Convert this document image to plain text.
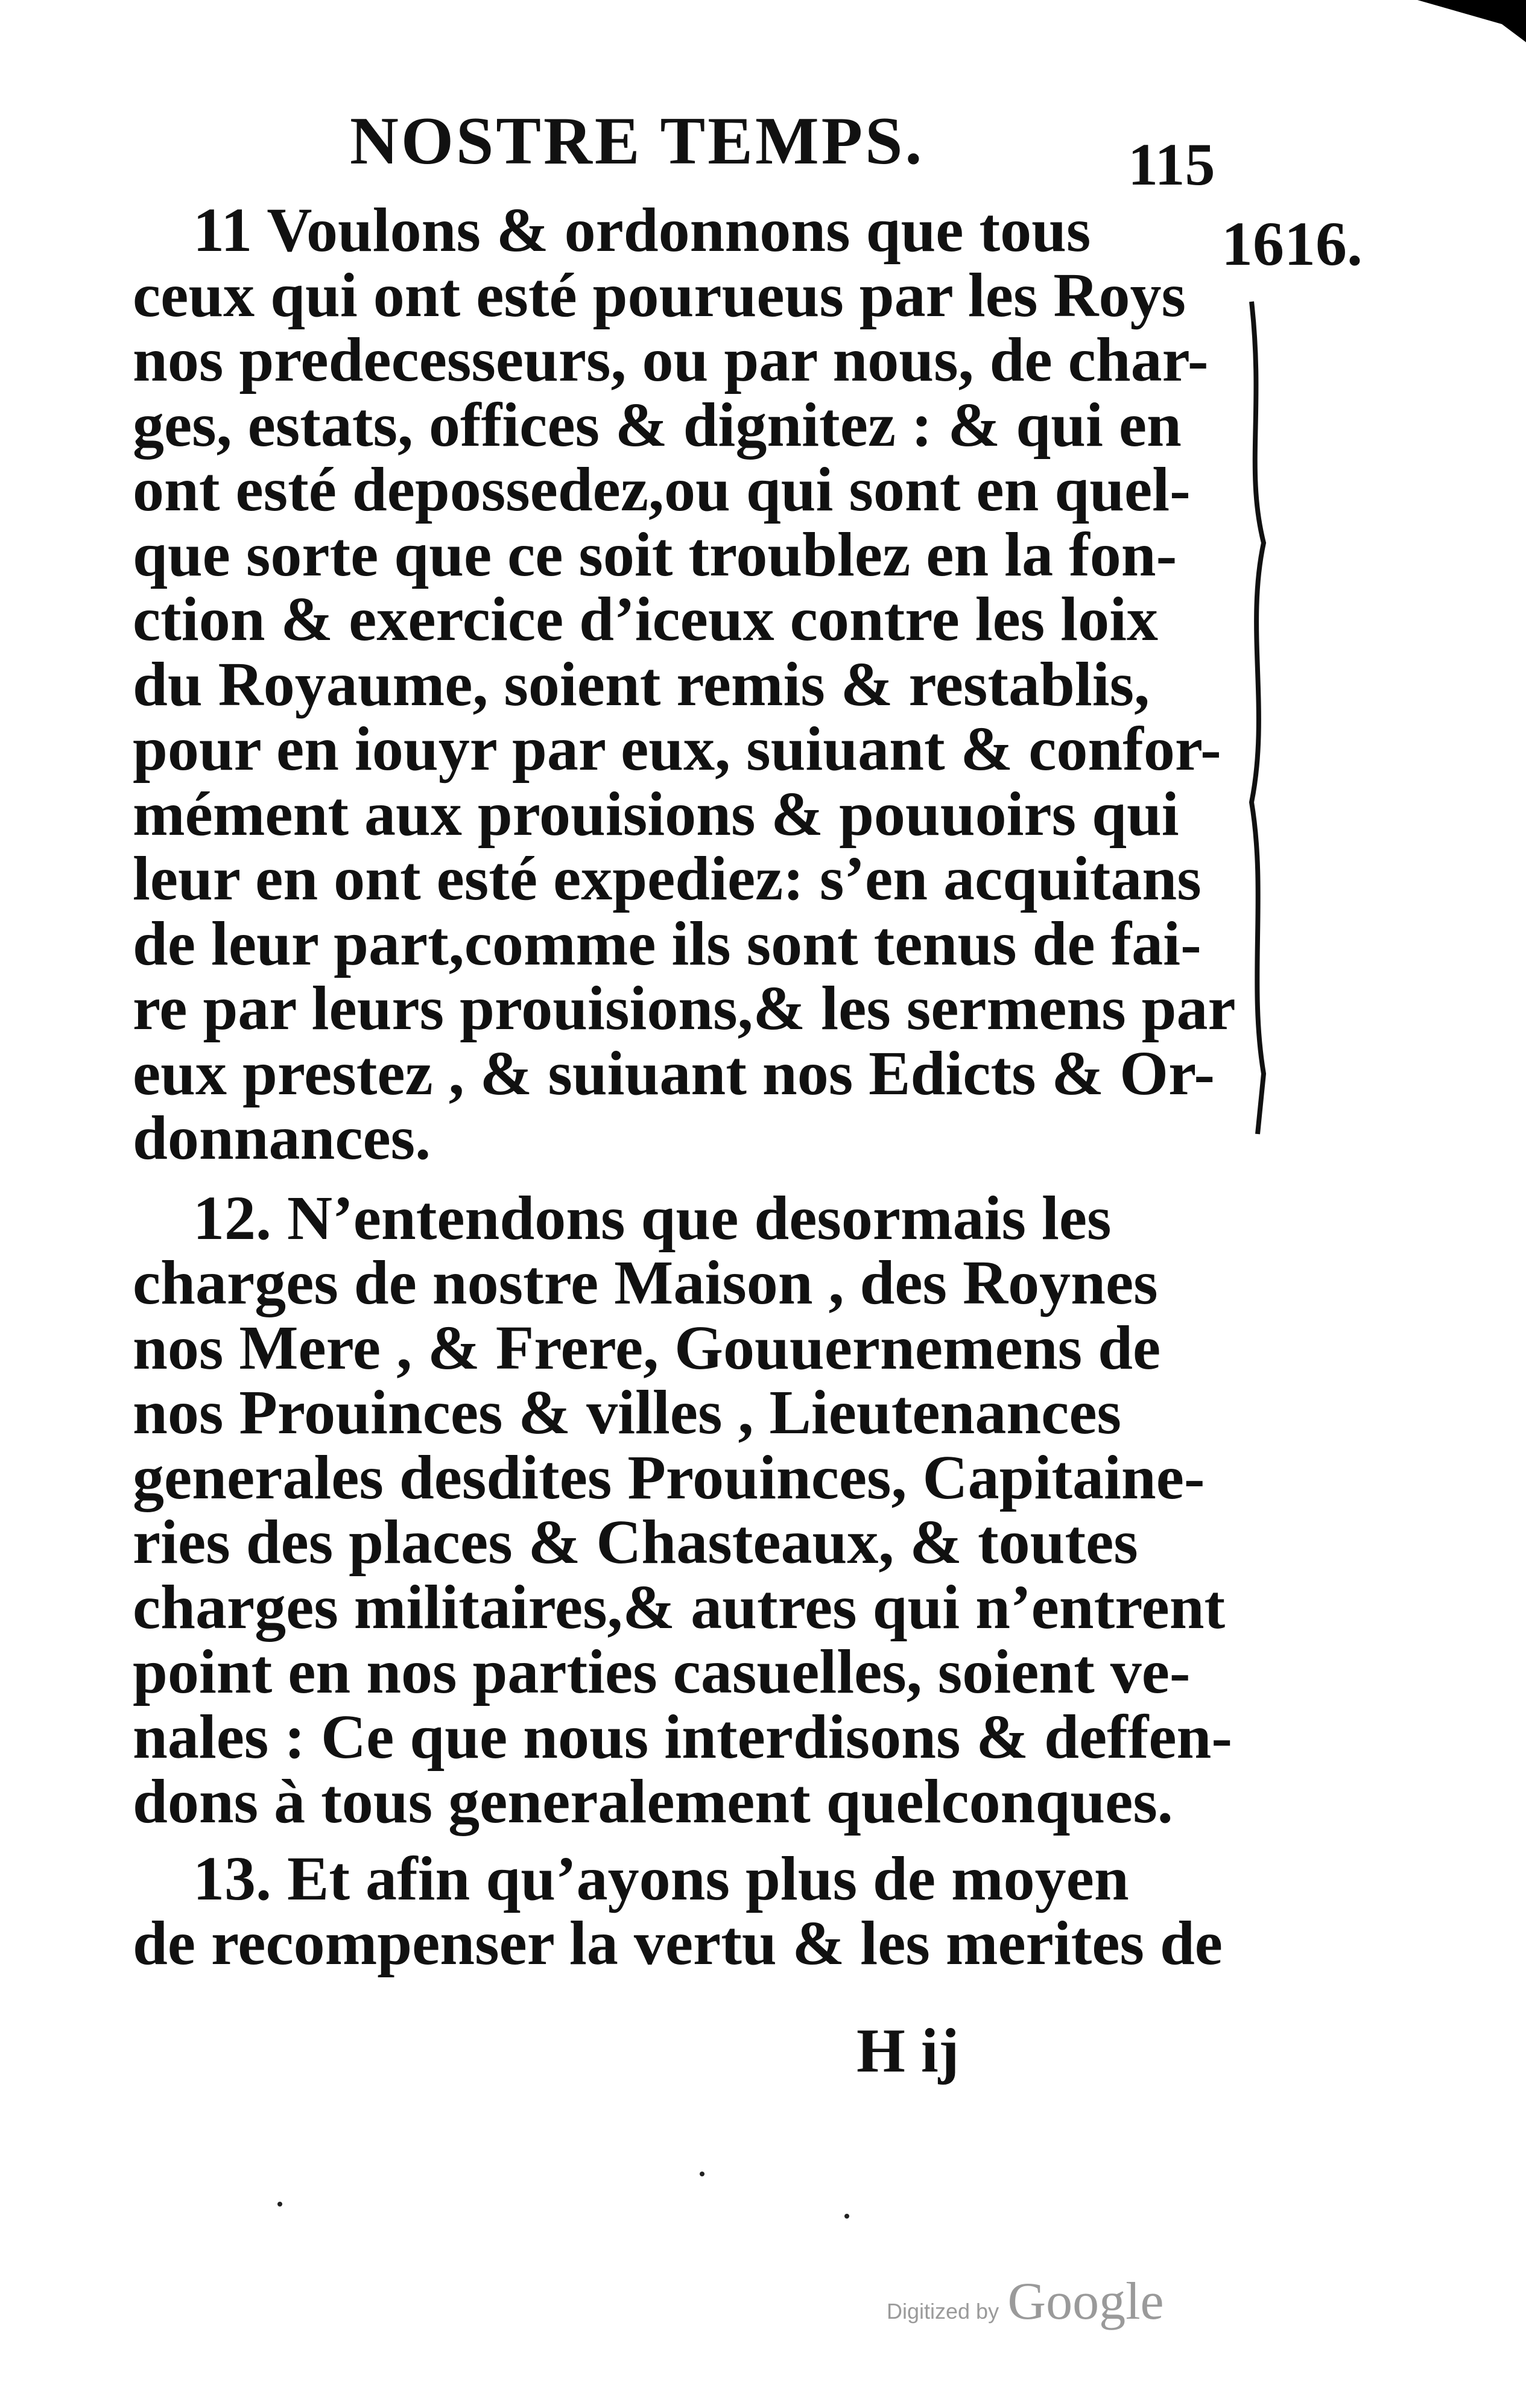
NOSTRE TEMPS.	115
1616.
11 Voulons & ordonnons que tous
ceux qui ont esté pourueus par les Roys
nos predecesseurs, ou par nous, de char-
ges, estats, offices & dignitez : & qui en
ont esté depossedez,ou qui sont en quel-
que sorte que ce soit troublez en la fon-
ction & exercice d’iceux contre les loix
du Royaume, soient remis & restablis,
pour en iouyr par eux, suiuant & confor-
mément aux prouisions & pouuoirs qui
leur en ont esté expediez: s’en acquitans
de leur part,comme ils sont tenus de fai-
re par leurs prouisions,& les sermens par
eux prestez , & suiuant nos Edicts & Or-
donnances.
12. N’entendons que desormais les
charges de nostre Maison , des Roynes
nos Mere , & Frere, Gouuernemens de
nos Prouinces & villes , Lieutenances
generales desdites Prouinces, Capitaine-
ries des places & Chasteaux, & toutes
charges militaires,& autres qui n’entrent
point en nos parties casuelles, soient ve-
nales : Ce que nous interdisons & deffen-
dons à tous generalement quelconques.
13. Et afin qu’ayons plus de moyen
de recompenser la vertu & les merites de
H ij
Digitized by Google
